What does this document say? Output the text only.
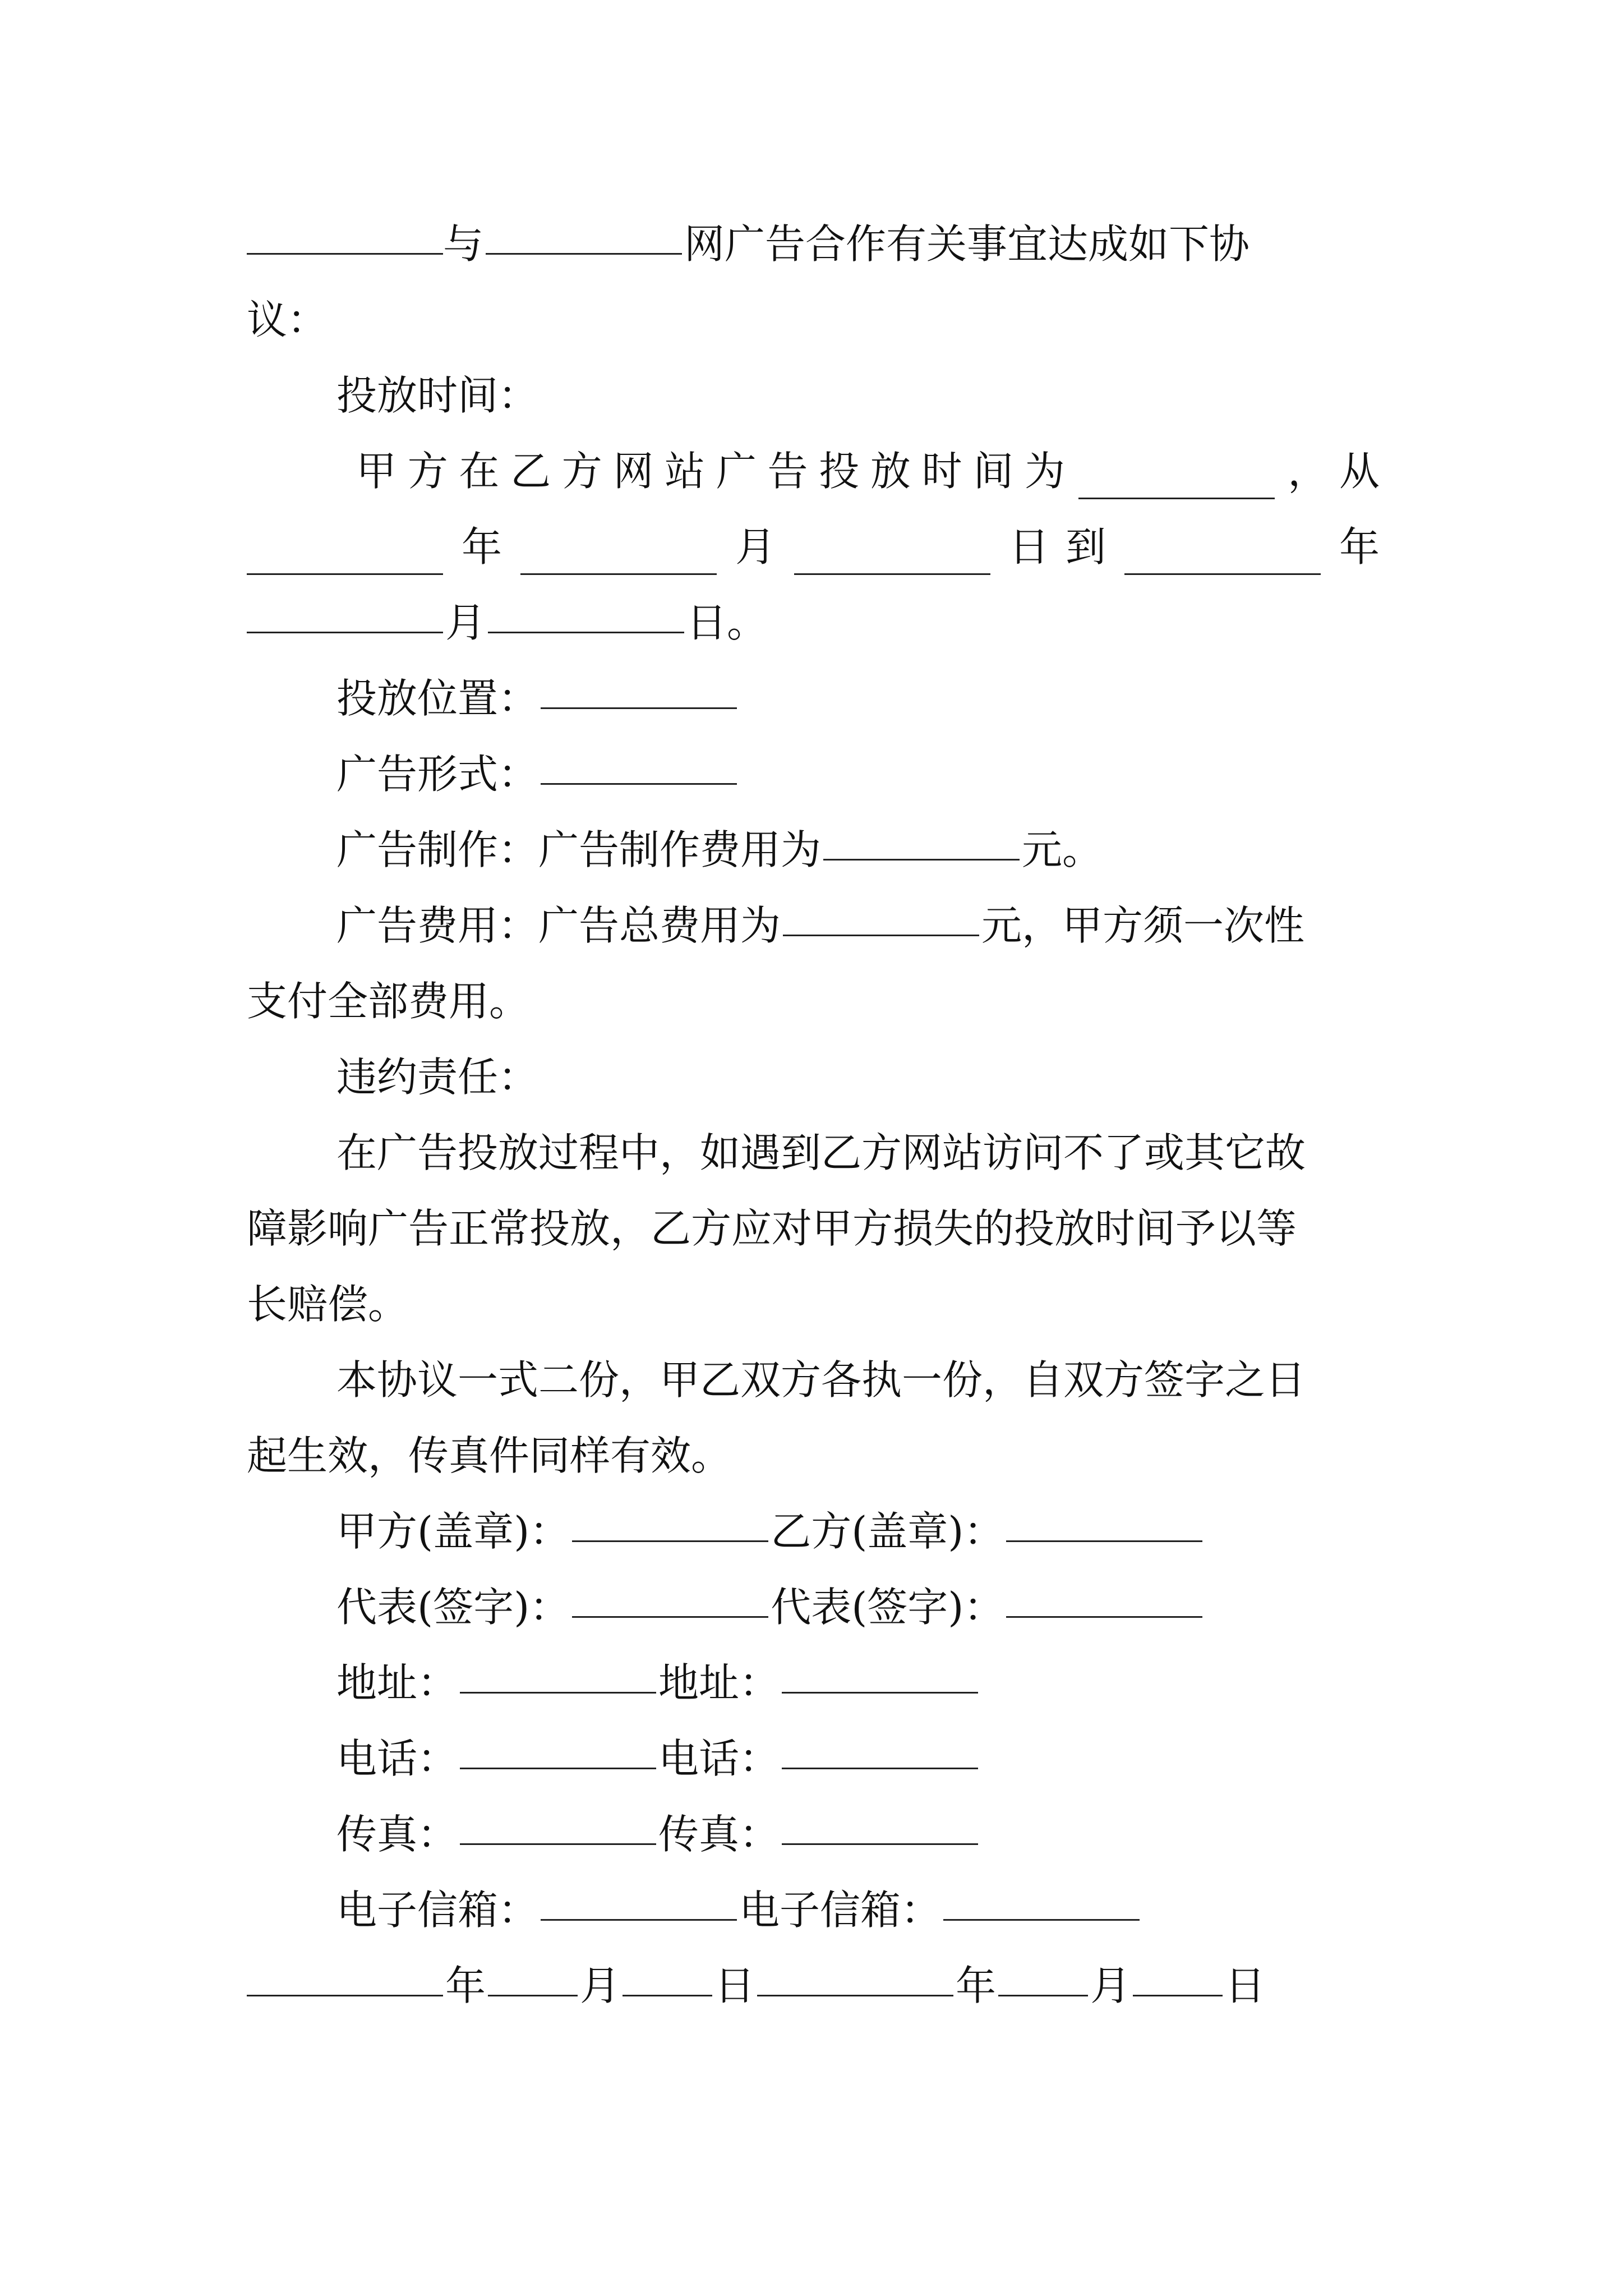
与	网广告合作有关事宜达成如下协
议：
投放时间：
甲 方 在 乙 方 网 站 广 告 投 放 时 间 为	， 从
年	月	日 到	年
月	日。
投放位置：
广告形式：
广告制作：广告制作费用为	元。
广告费用：广告总费用为	元，甲方须一次性
支付全部费用。
违约责任：
在广告投放过程中，如遇到乙方网站访问不了或其它故
障影响广告正常投放，乙方应对甲方损失的投放时间予以等
长赔偿。
本协议一式二份，甲乙双方各执一份，自双方签字之日
起生效，传真件同样有效。
甲方(盖章)：	乙方(盖章)：
代表(签字)：	代表(签字)：
地址：	地址：
电话：	电话：
传真：	传真：
电子信箱：	电子信箱：
年 月 日	年 月 日
